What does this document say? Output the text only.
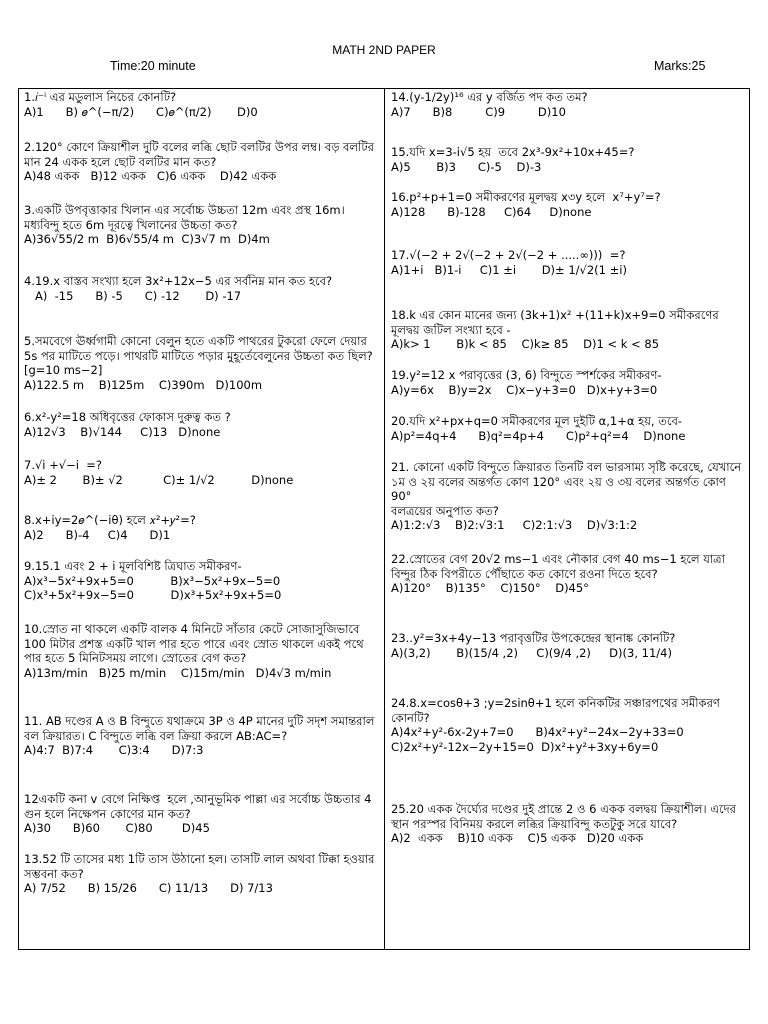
MATH 2ND PAPER
Time:20 minute	Marks:25
1.𝑖⁻ⁱ এর মডুলাস নিচের কোনটি?
A)1      B) 𝑒^(−π/2)      C)𝑒^(π/2)       D)0
2.120° কোণে ক্রিয়াশীল দুটি বলের লব্ধি ছোট বলটির উপর লম্ব। বড় বলটির মান 24 একক হলে ছোট বলটির মান কত?
A)48 একক   B)12 একক   C)6 একক    D)42 একক
3.একটি উপবৃত্তাকার খিলান এর সর্বোচ্চ উচ্চতা 12m এবং প্রস্থ 16m। মধ্যবিন্দু হতে 6m দূরত্বে খিলানের উচ্চতা কত?
A)36√55/2 m  B)6√55/4 m  C)3√7 m  D)4m
4.19.x বাস্তব সংখ্যা হলে 3x²+12x−5 এর সর্বনিম্ন মান কত হবে?
A)  -15      B) -5      C) -12       D) -17
5.সমবেগে ঊর্ধ্বগামী কোনো বেলুন হতে একটি পাথরের টুকরো ফেলে দেয়ার 5s পর মাটিতে পড়ে। পাথরটি মাটিতে পড়ার মুহূর্তেবেলুনের উচ্চতা কত ছিল? [g=10 ms−2]
A)122.5 m    B)125m    C)390m   D)100m
6.x²-y²=18 অধিবৃত্তের ফোকাস দুরুত্ব কত ?
A)12√3    B)√144     C)13   D)none
7.√i +√−i  =?
A)± 2       B)± √2           C)± 1/√2          D)none
8.x+iy=2𝑒^(−iθ) হলে 𝑥²+𝑦²=?
A)2      B)-4     C)4      D)1
9.15.1 এবং 2 + i মূলবিশিষ্ট ত্রিঘাত সমীকরণ-
A)x³−5x²+9x+5=0          B)x³−5x²+9x−5=0
C)x³+5x²+9x−5=0          D)x³+5x²+9x+5=0
10.স্রোত না থাকলে একটি বালক 4 মিনিটে সাঁতার কেটে সোজাসুজিভাবে 100 মিটার প্রশস্ত একটি খাল পার হতে পারে এবং স্রোত থাকলে একই পথে পার হতে 5 মিনিটসময় লাগে। স্রোতের বেগ কত?
A)13m/min   B)25 m/min    C)15m/min   D)4√3 m/min
11. AB দণ্ডের A ও B বিন্দুতে যথাক্রমে 3P ও 4P মানের দুটি সদৃশ সমান্তরাল বল ক্রিয়ারত। C বিন্দুতে লব্ধি বল ক্রিয়া করলে AB:AC=?
A)4:7  B)7:4       C)3:4      D)7:3
12একটি কনা v বেগে নিক্ষিপ্ত  হলে ,আনুভূমিক পাল্লা এর সর্বোচ্চ উচ্চতার 4 গুন হলে নিক্ষেপন কোণের মান কত?
A)30      B)60       C)80        D)45
13.52 টি তাসের মধ্য 1টি তাস উঠানো হল। তাসটি লাল অথবা টিক্কা হওয়ার সম্ভবনা কত?
A) 7/52      B) 15/26      C) 11/13      D) 7/13
14.(y-1/2y)¹⁶ এর y বর্জিত পদ কত তম?
A)7      B)8         C)9         D)10
15.যদি x=3-i√5 হয়  তবে 2x³-9x²+10x+45=?
A)5       B)3      C)-5    D)-3
16.p²+p+1=0 সমীকরণের মূলদ্বয় x৩y হলে  x⁷+y⁷=?
A)128      B)-128     C)64     D)none
17.√(−2 + 2√(−2 + 2√(−2 + .....∞)))  =?
A)1+i   B)1-i     C)1 ±i       D)± 1/√2(1 ±i)
18.k এর কোন মানের জন্য (3k+1)x² +(11+k)x+9=0 সমীকরণের মূলদ্বয় জটিল সংখ্যা হবে -
A)k> 1       B)k < 85    C)k≥ 85    D)1 < k < 85
19.y²=12 x পরাবৃত্তের (3, 6) বিন্দুতে স্পর্শকের সমীকরণ-
A)y=6x    B)y=2x    C)x−y+3=0   D)x+y+3=0
20.যদি x²+px+q=0 সমীকরণের মূল দুইটি α,1+α হয়, তবে-
A)p²=4q+4      B)q²=4p+4      C)p²+q²=4    D)none
21. কোনো একটি বিন্দুতে ক্রিয়ারত তিনটি বল ভারসাম্য সৃষ্টি করেছে, যেখানে ১ম ও ২য় বলের অন্তর্গত কোণ 120° এবং ২য় ও ৩য় বলের অন্তর্গত কোণ 90°
বলত্রয়ের অনুপাত কত?
A)1:2:√3    B)2:√3:1     C)2:1:√3    D)√3:1:2
22.স্রোতের বেগ 20√2 ms−1 এবং নৌকার বেগ 40 ms−1 হলে যাত্রা বিন্দুর ঠিক বিপরীতে পৌঁছাতে কত কোণে রওনা দিতে হবে?
A)120°    B)135°    C)150°    D)45°
23..y²=3x+4y−13 পরাবৃত্তটির উপকেন্দ্রের স্থানাঙ্ক কোনটি?
A)(3,2)       B)(15/4 ,2)     C)(9/4 ,2)     D)(3, 11/4)
24.8.x=cosθ+3 ;y=2sinθ+1 হলে কনিকটির সঞ্চারপথের সমীকরণ কোনটি?
A)4x²+y²-6x-2y+7=0      B)4x²+y²−24x−2y+33=0
C)2x²+y²-12x−2y+15=0  D)x²+y²+3xy+6y=0
25.20 একক দৈর্ঘ্যের দণ্ডের দুই প্রান্তে 2 ও 6 একক বলদ্বয় ক্রিয়াশীল। এদের স্থান পরস্পর বিনিময় করলে লব্ধির ক্রিয়াবিন্দু কতটুকু সরে যাবে?
A)2  একক    B)10 একক    C)5 একক   D)20 একক
